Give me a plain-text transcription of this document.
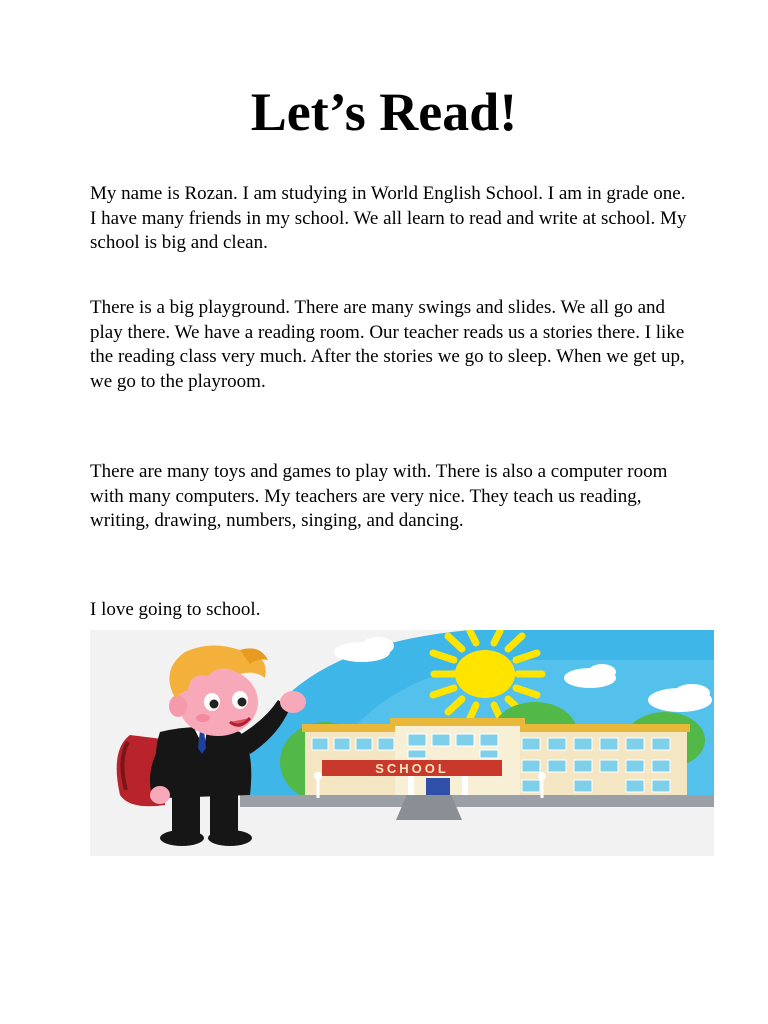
Let’s Read!

My name is Rozan. I am studying in World English School. I am in grade one. I have many friends in my school. We all learn to read and write at school. My school is big and clean.

There is a big playground. There are many swings and slides. We all go and play there. We have a reading room. Our teacher reads us a stories there. I like the reading class very much. After the stories we go to sleep. When we get up, we go to the playroom.

There are many toys and games to play with. There is also a computer room with many computers. My teachers are very nice. They teach us reading, writing, drawing, numbers, singing, and dancing.

I love going to school.

SCHOOL
